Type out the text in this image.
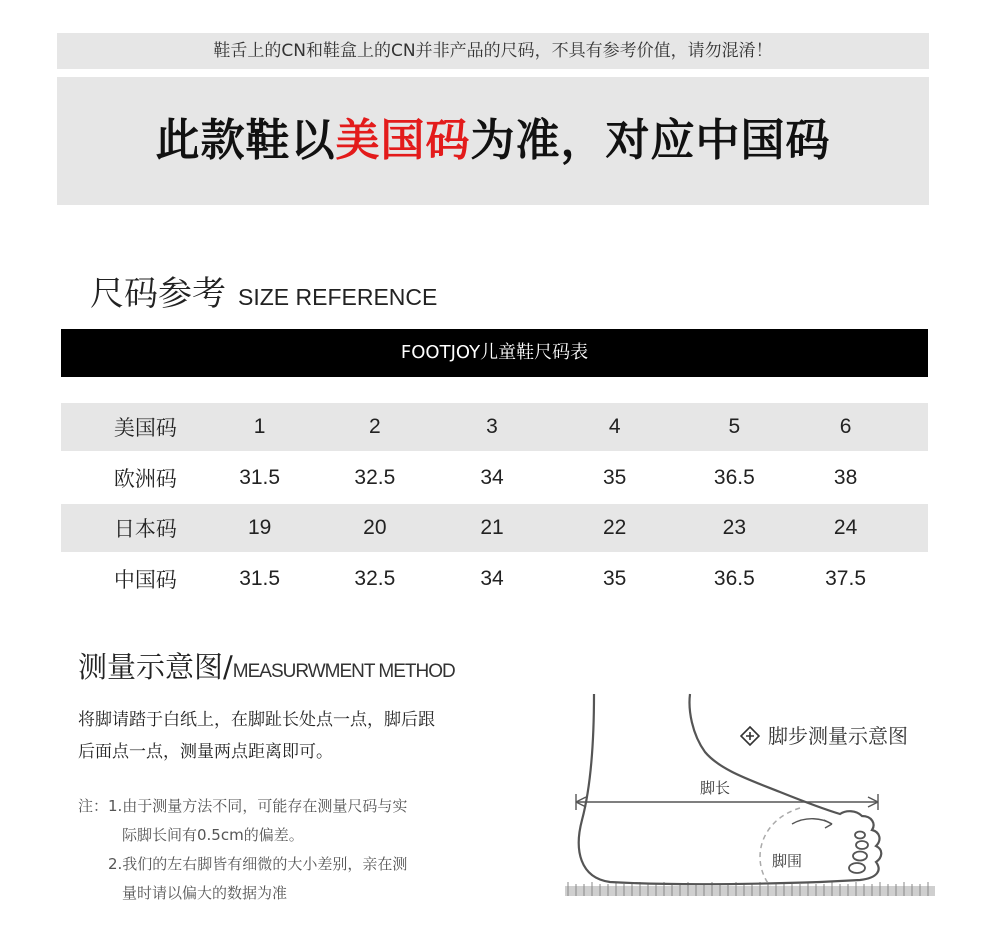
鞋舌上的CN和鞋盒上的CN并非产品的尺码，不具有参考价值，请勿混淆！
此款鞋以美国码为准，对应中国码
尺码参考 SIZE REFERENCE
FOOTJOY儿童鞋尺码表
美国码	1	2	3	4	5	6
欧洲码	31.5	32.5	34	35	36.5	38
日本码	19	20	21	22	23	24
中国码	31.5	32.5	34	35	36.5	37.5
测量示意图/MEASURWMENT METHOD

将脚请踏于白纸上，在脚趾长处点一点，脚后跟

后面点一点，测量两点距离即可。

注：1.由于测量方法不同，可能存在测量尺码与实

际脚长间有0.5cm的偏差。

2.我们的左右脚皆有细微的大小差别，亲在测

量时请以偏大的数据为准

脚步测量示意图
脚长
脚围
